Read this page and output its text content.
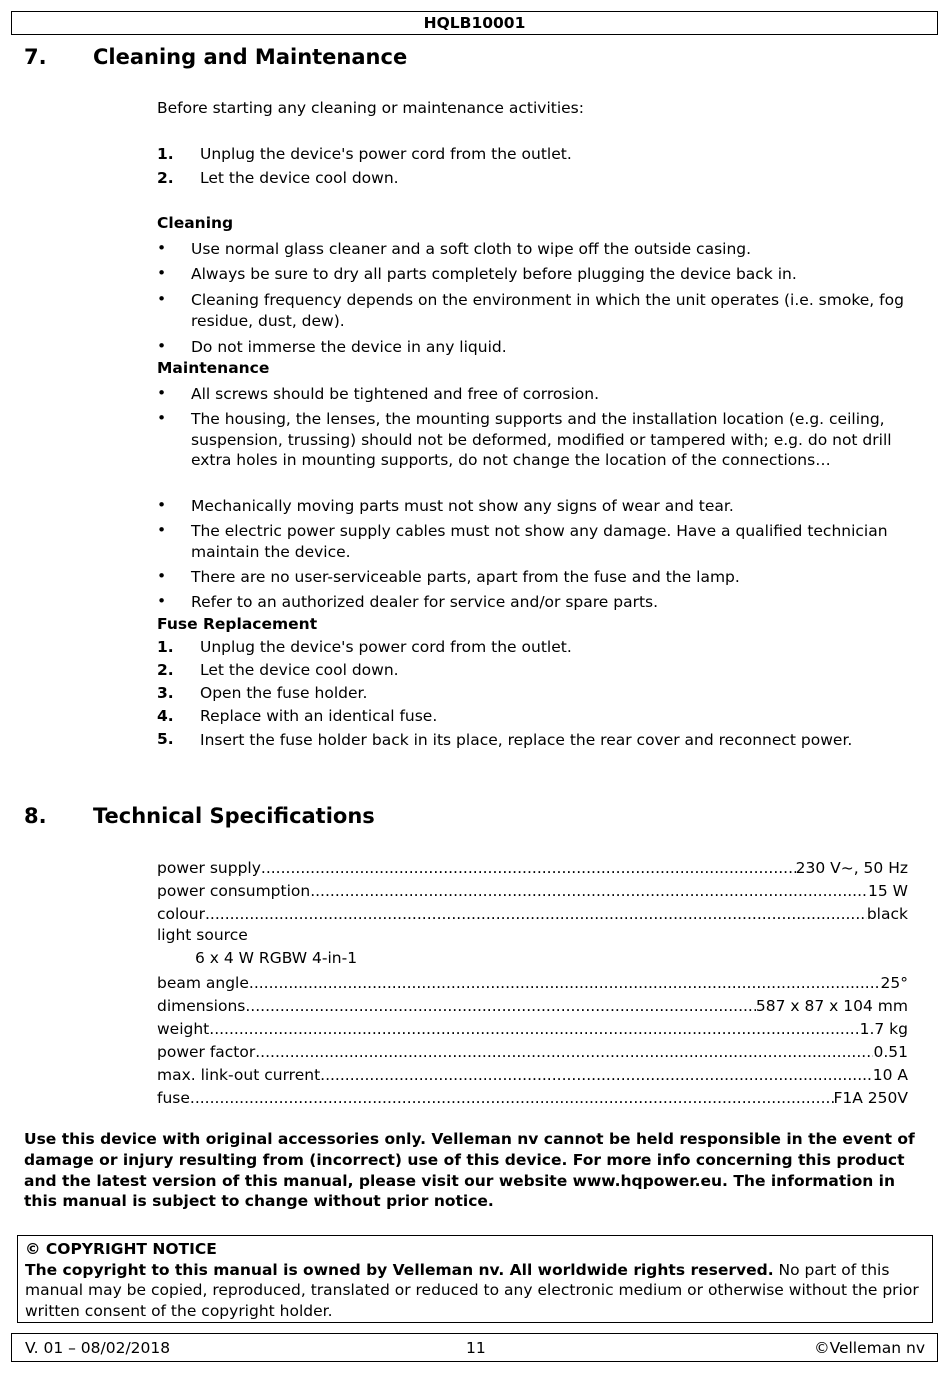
HQLB10001
7. Cleaning and Maintenance
Before starting any cleaning or maintenance activities:
1. Unplug the device's power cord from the outlet.
2. Let the device cool down.
Cleaning
• Use normal glass cleaner and a soft cloth to wipe off the outside casing.
• Always be sure to dry all parts completely before plugging the device back in.
• Cleaning frequency depends on the environment in which the unit operates (i.e. smoke, fog residue, dust, dew).
• Do not immerse the device in any liquid.
Maintenance
• All screws should be tightened and free of corrosion.
• The housing, the lenses, the mounting supports and the installation location (e.g. ceiling, suspension, trussing) should not be deformed, modified or tampered with; e.g. do not drill extra holes in mounting supports, do not change the location of the connections…
• Mechanically moving parts must not show any signs of wear and tear.
• The electric power supply cables must not show any damage. Have a qualified technician maintain the device.
• There are no user-serviceable parts, apart from the fuse and the lamp.
• Refer to an authorized dealer for service and/or spare parts.
Fuse Replacement
1. Unplug the device's power cord from the outlet.
2. Let the device cool down.
3. Open the fuse holder.
4. Replace with an identical fuse.
5. Insert the fuse holder back in its place, replace the rear cover and reconnect power.
8. Technical Specifications
power supply .....	230 V~, 50 Hz
power consumption .....	15 W
colour .....	black
light source
6 x 4 W RGBW 4-in-1
beam angle .....	25°
dimensions .....	587 x 87 x 104 mm
weight .....	1.7 kg
power factor .....	0.51
max. link-out current .....	10 A
fuse .....	F1A 250V
Use this device with original accessories only. Velleman nv cannot be held responsible in the event of damage or injury resulting from (incorrect) use of this device. For more info concerning this product and the latest version of this manual, please visit our website www.hqpower.eu. The information in this manual is subject to change without prior notice.
© COPYRIGHT NOTICE
The copyright to this manual is owned by Velleman nv. All worldwide rights reserved. No part of this manual may be copied, reproduced, translated or reduced to any electronic medium or otherwise without the prior written consent of the copyright holder.
V. 01 – 08/02/2018	11	©Velleman nv
